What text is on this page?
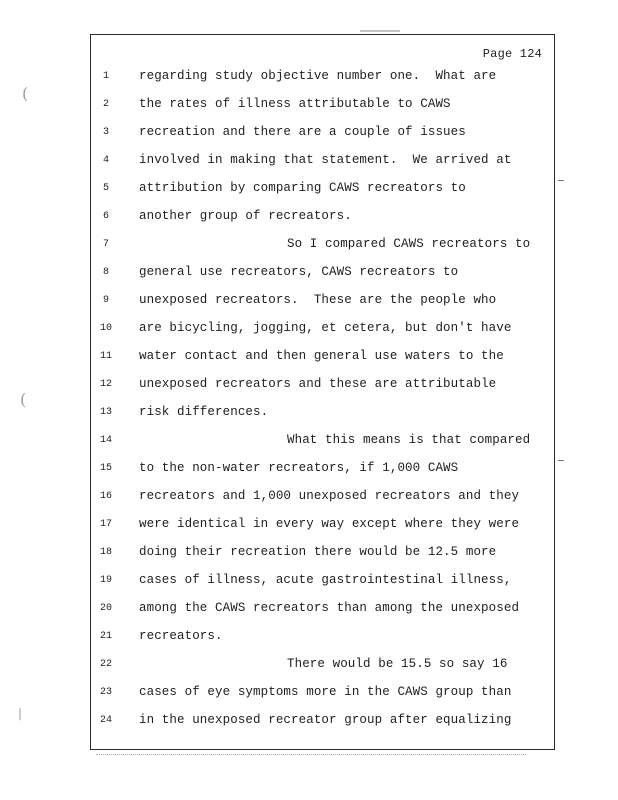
(
(
|
Page 124
1	regarding study objective number one.  What are
2	the rates of illness attributable to CAWS
3	recreation and there are a couple of issues
4	involved in making that statement.  We arrived at
5	attribution by comparing CAWS recreators to
6	another group of recreators.
7	So I compared CAWS recreators to
8	general use recreators, CAWS recreators to
9	unexposed recreators.  These are the people who
10	are bicycling, jogging, et cetera, but don't have
11	water contact and then general use waters to the
12	unexposed recreators and these are attributable
13	risk differences.
14	What this means is that compared
15	to the non-water recreators, if 1,000 CAWS
16	recreators and 1,000 unexposed recreators and they
17	were identical in every way except where they were
18	doing their recreation there would be 12.5 more
19	cases of illness, acute gastrointestinal illness,
20	among the CAWS recreators than among the unexposed
21	recreators.
22	There would be 15.5 so say 16
23	cases of eye symptoms more in the CAWS group than
24	in the unexposed recreator group after equalizing
